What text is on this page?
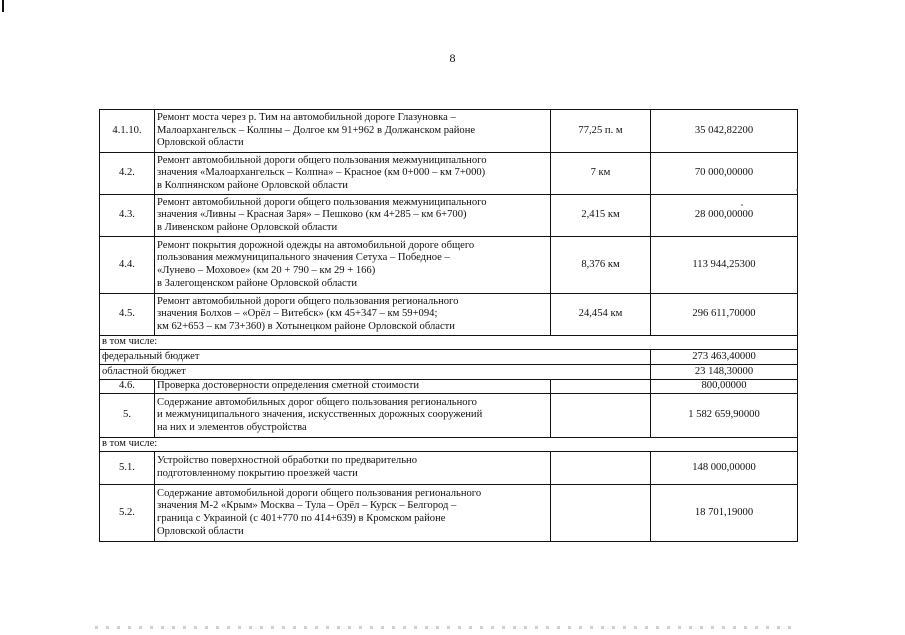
8
4.1.10.	Ремонт моста через р. Тим на автомобильной дороге Глазуновка –
Малоархангельск – Колпны – Долгое км 91+962 в Должанском районе
Орловской области	77,25 п. м	35 042,82200
4.2.	Ремонт автомобильной дороги общего пользования межмуниципального
значения «Малоархангельск – Колпна» – Красное (км 0+000 – км 7+000)
в Колпнянском районе Орловской области	7 км	70 000,00000
4.3.	Ремонт автомобильной дороги общего пользования межмуниципального
значения «Ливны – Красная Заря» – Пешково (км 4+285 – км 6+700)
в Ливенском районе Орловской области	2,415 км	28 000,00000
4.4.	Ремонт покрытия дорожной одежды на автомобильной дороге общего
пользования межмуниципального значения Сетуха – Победное –
«Лунево – Моховое» (км 20 + 790 – км 29 + 166)
в Залегощенском районе Орловской области	8,376 км	113 944,25300
4.5.	Ремонт автомобильной дороги общего пользования регионального
значения Болхов – «Орёл – Витебск» (км 45+347 – км 59+094;
км 62+653 – км 73+360) в Хотынецком районе Орловской области	24,454 км	296 611,70000
в том числе:			
федеральный бюджет			273 463,40000
областной бюджет			23 148,30000
4.6.	Проверка достоверности определения сметной стоимости		800,00000
5.	Содержание автомобильных дорог общего пользования регионального
и межмуниципального значения, искусственных дорожных сооружений
на них и элементов обустройства		1 582 659,90000
в том числе:			
5.1.	Устройство поверхностной обработки по предварительно
подготовленному покрытию проезжей части		148 000,00000
5.2.	Содержание автомобильной дороги общего пользования регионального
значения М-2 «Крым» Москва – Тула – Орёл – Курск – Белгород –
граница с Украиной (с 401+770 по 414+639) в Кромском районе
Орловской области		18 701,19000
